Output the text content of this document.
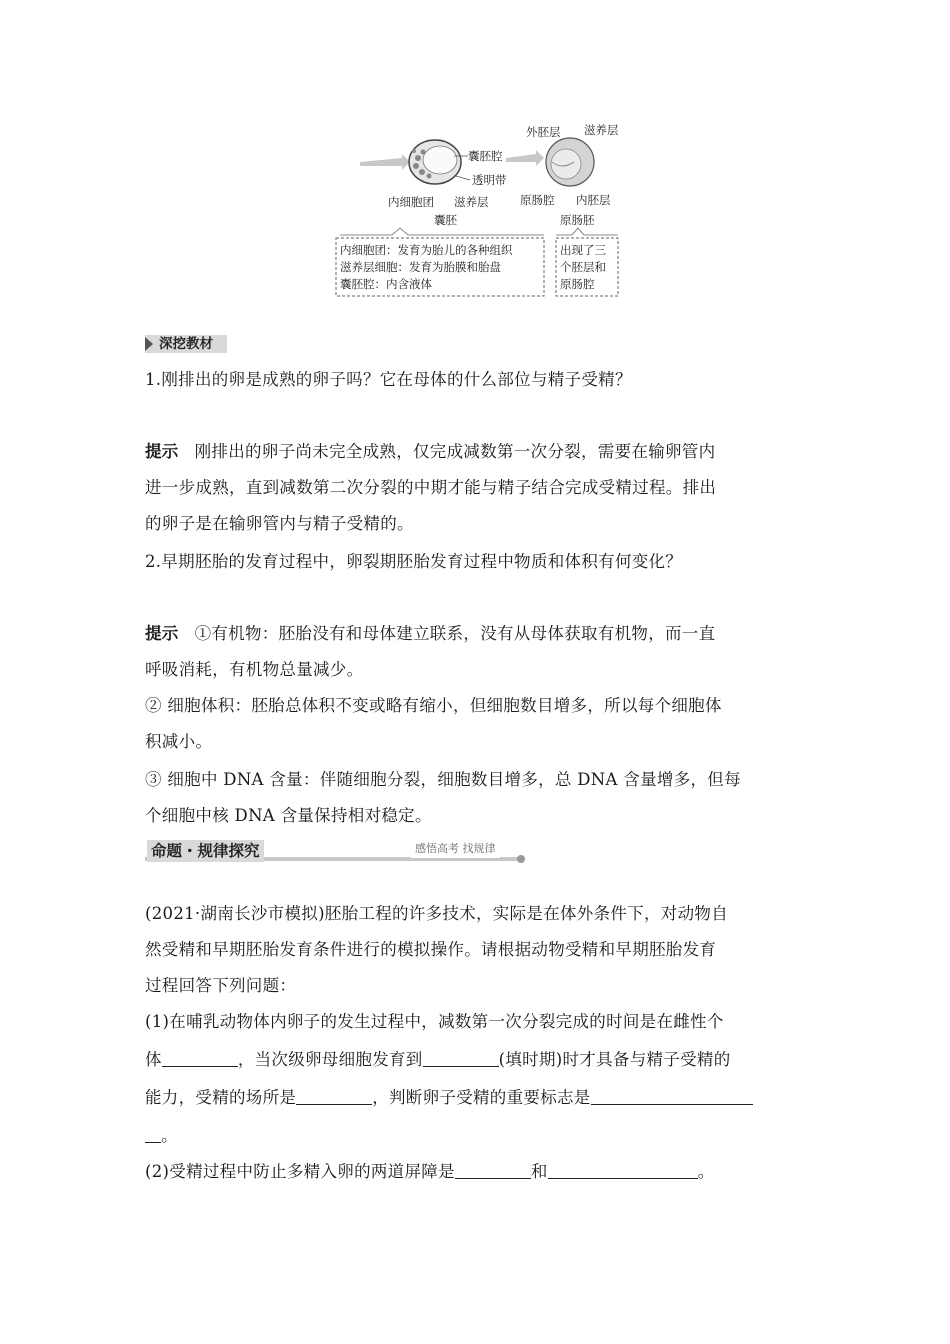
囊胚腔
透明带
内细胞团 滋养层
囊胚
外胚层 滋养层
原肠腔 内胚层
原肠胚
内细胞团：发育为胎儿的各种组织
滋养层细胞：发育为胎膜和胎盘
囊胚腔：内含液体
出现了三
个胚层和
原肠腔
深挖教材
1.刚排出的卵是成熟的卵子吗？它在母体的什么部位与精子受精？
提示 刚排出的卵子尚未完全成熟，仅完成减数第一次分裂，需要在输卵管内
进一步成熟，直到减数第二次分裂的中期才能与精子结合完成受精过程。排出
的卵子是在输卵管内与精子受精的。
2.早期胚胎的发育过程中，卵裂期胚胎发育过程中物质和体积有何变化？
提示 ①有机物：胚胎没有和母体建立联系，没有从母体获取有机物，而一直
呼吸消耗，有机物总量减少。
② 细胞体积：胚胎总体积不变或略有缩小，但细胞数目增多，所以每个细胞体
积减小。
③ 细胞中 DNA 含量：伴随细胞分裂，细胞数目增多，总 DNA 含量增多，但每
个细胞中核 DNA 含量保持相对稳定。
命题・规律探究	感悟高考 找规律
(2021·湖南长沙市模拟)胚胎工程的许多技术，实际是在体外条件下，对动物自
然受精和早期胚胎发育条件进行的模拟操作。请根据动物受精和早期胚胎发育
过程回答下列问题：
(1)在哺乳动物体内卵子的发生过程中，减数第一次分裂完成的时间是在雌性个
体	，当次级卵母细胞发育到	(填时期)时才具备与精子受精的
能力，受精的场所是	，判断卵子受精的重要标志是
。
(2)受精过程中防止多精入卵的两道屏障是	和	。
